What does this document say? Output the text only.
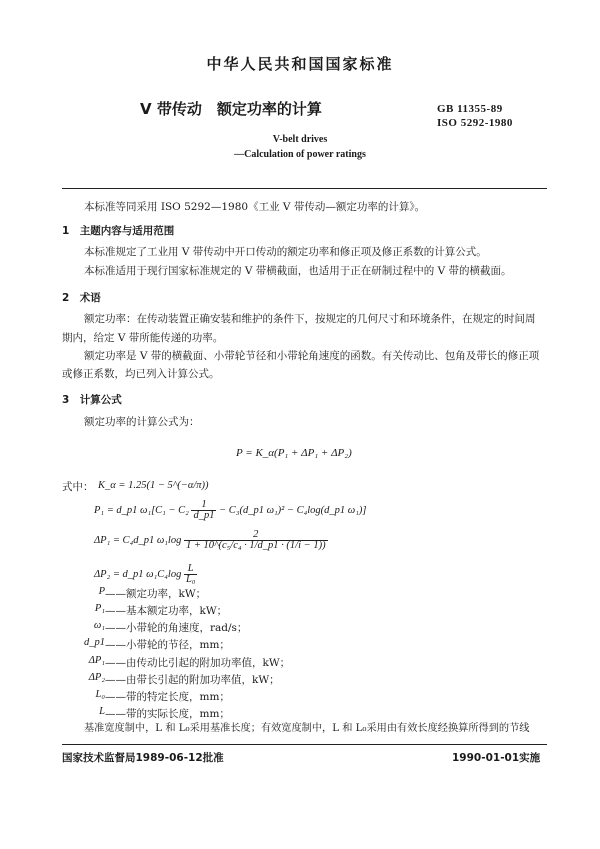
中华人民共和国国家标准
V 带传动　额定功率的计算	GB 11355-89
ISO 5292-1980
V-belt drives
—Calculation of power ratings
本标准等同采用 ISO 5292—1980《工业 V 带传动—额定功率的计算》。
1　主题内容与适用范围
本标准规定了工业用 V 带传动中开口传动的额定功率和修正项及修正系数的计算公式。
本标准适用于现行国家标准规定的 V 带横截面，也适用于正在研制过程中的 V 带的横截面。
2　术语
额定功率：在传动装置正确安装和维护的条件下，按规定的几何尺寸和环境条件，在规定的时间周
期内，给定 V 带所能传递的功率。
额定功率是 V 带的横截面、小带轮节径和小带轮角速度的函数。有关传动比、包角及带长的修正项
或修正系数，均已列入计算公式。
3　计算公式
额定功率的计算公式为：
P = K_α(P₁ + ΔP₁ + ΔP₂)
式中： K_α = 1.25(1 − 5^(−α/π))
P₁ = d_p1 $\omega_1[C_1 - C_2 \frac{1}{d\_p1}$ − C₃(d_p1 ω₁)² − C₄log(d_p1 ω₁)]
ΔP₁ = C₄d_p1 $\omega_1\log \frac{2}{\text{1 + 10\textasciicircum{}(c₅/c₄ · 1/d\_p1 · (1/i − 1))}}$
ΔP₂ = d_p1 $\omega_1C_4\log \frac{L}{\text{L₀}}$
P ——额定功率，kW；
P₁ ——基本额定功率，kW；
ω₁ ——小带轮的角速度，rad/s；
d_p1 ——小带轮的节径，mm；
ΔP₁ ——由传动比引起的附加功率值，kW；
ΔP₂ ——由带长引起的附加功率值，kW；
L₀ ——带的特定长度，mm；
L ——带的实际长度，mm；
基准宽度制中，L 和 L₀采用基准长度；有效宽度制中，L 和 L₀采用由有效长度经换算所得到的节线
国家技术监督局1989-06-12批准	1990-01-01实施
